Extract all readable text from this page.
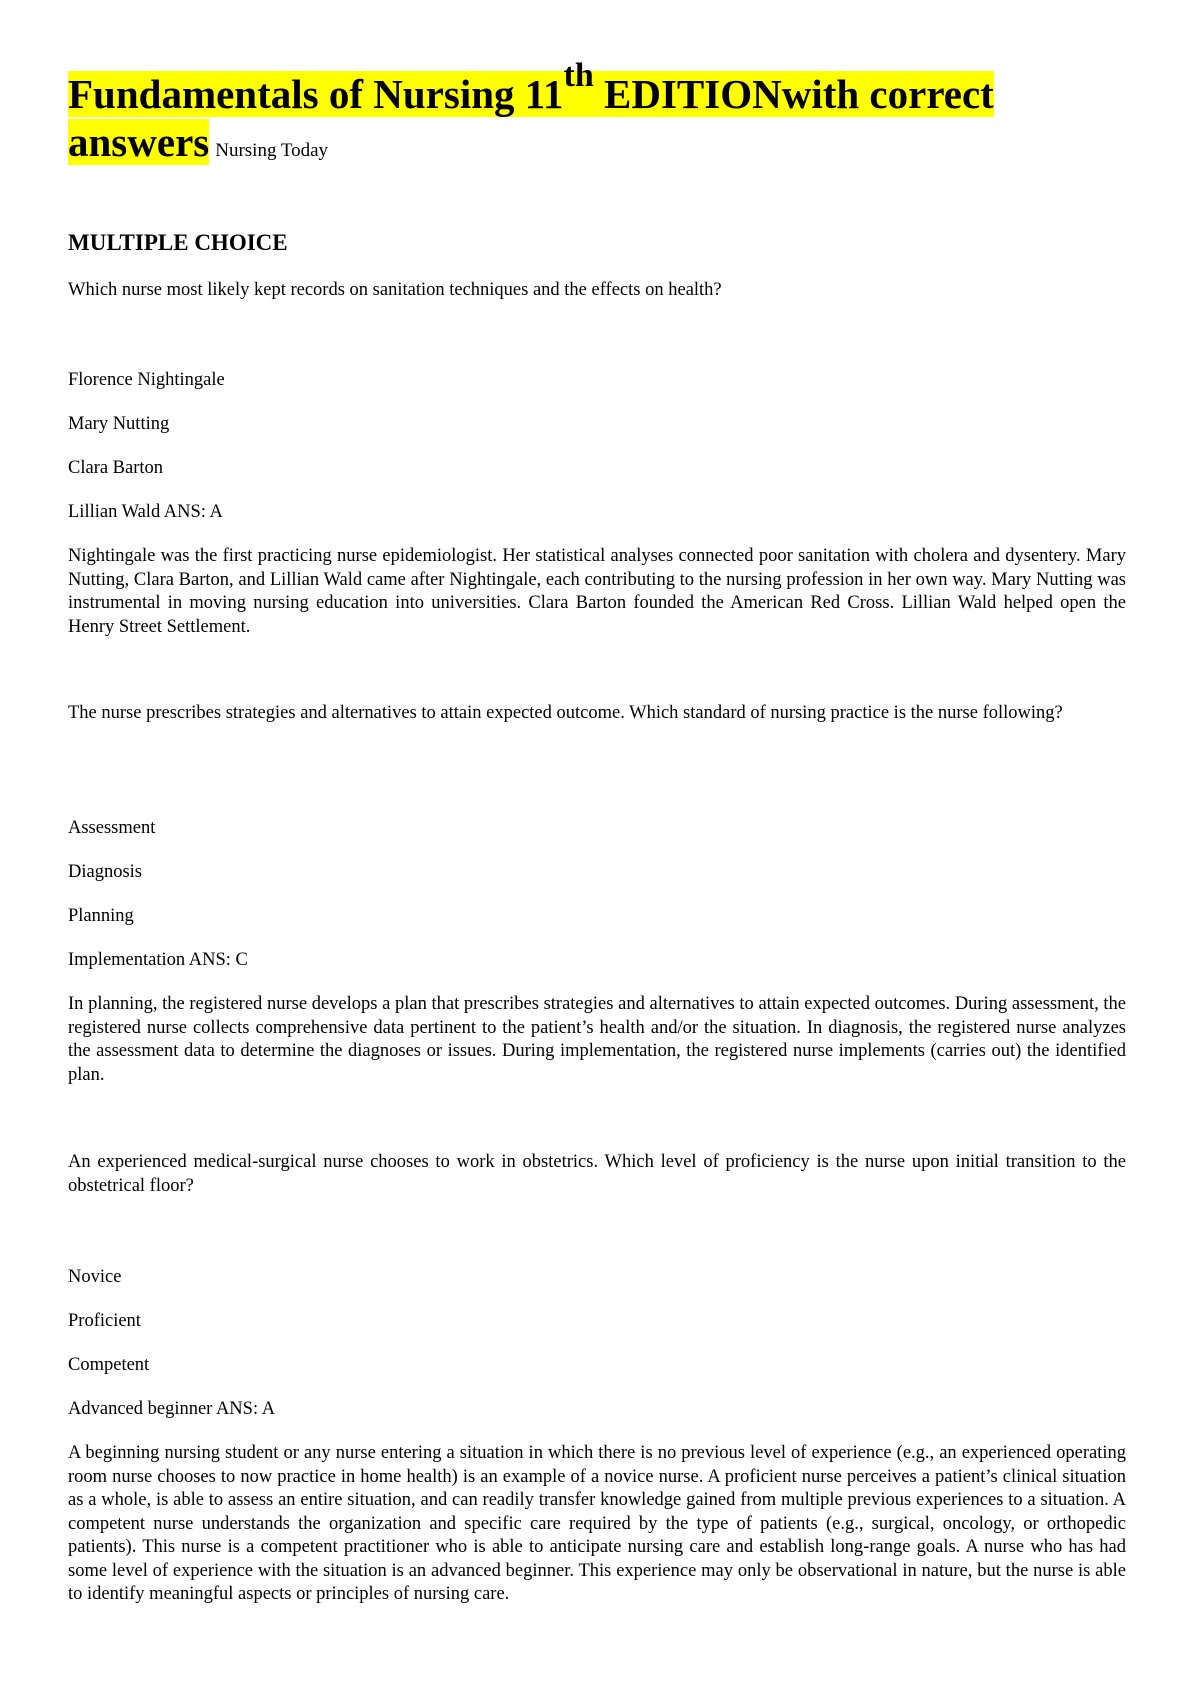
Fundamentals of Nursing 11th EDITIONwith correct
answers Nursing Today
MULTIPLE CHOICE
Which nurse most likely kept records on sanitation techniques and the effects on health?
Florence Nightingale
Mary Nutting
Clara Barton
Lillian Wald ANS: A
Nightingale was the first practicing nurse epidemiologist. Her statistical analyses connected poor sanitation with cholera and dysentery. Mary Nutting, Clara Barton, and Lillian Wald came after Nightingale, each contributing to the nursing profession in her own way. Mary Nutting was instrumental in moving nursing education into universities. Clara Barton founded the American Red Cross. Lillian Wald helped open the Henry Street Settlement.
The nurse prescribes strategies and alternatives to attain expected outcome. Which standard of nursing practice is the nurse following?
Assessment
Diagnosis
Planning
Implementation ANS: C
In planning, the registered nurse develops a plan that prescribes strategies and alternatives to attain expected outcomes. During assessment, the registered nurse collects comprehensive data pertinent to the patient’s health and/or the situation. In diagnosis, the registered nurse analyzes the assessment data to determine the diagnoses or issues. During implementation, the registered nurse implements (carries out) the identified plan.
An experienced medical-surgical nurse chooses to work in obstetrics. Which level of proficiency is the nurse upon initial transition to the obstetrical floor?
Novice
Proficient
Competent
Advanced beginner ANS: A
A beginning nursing student or any nurse entering a situation in which there is no previous level of experience (e.g., an experienced operating room nurse chooses to now practice in home health) is an example of a novice nurse. A proficient nurse perceives a patient’s clinical situation as a whole, is able to assess an entire situation, and can readily transfer knowledge gained from multiple previous experiences to a situation. A competent nurse understands the organization and specific care required by the type of patients (e.g., surgical, oncology, or orthopedic patients). This nurse is a competent practitioner who is able to anticipate nursing care and establish long-range goals. A nurse who has had some level of experience with the situation is an advanced beginner. This experience may only be observational in nature, but the nurse is able to identify meaningful aspects or principles of nursing care.
